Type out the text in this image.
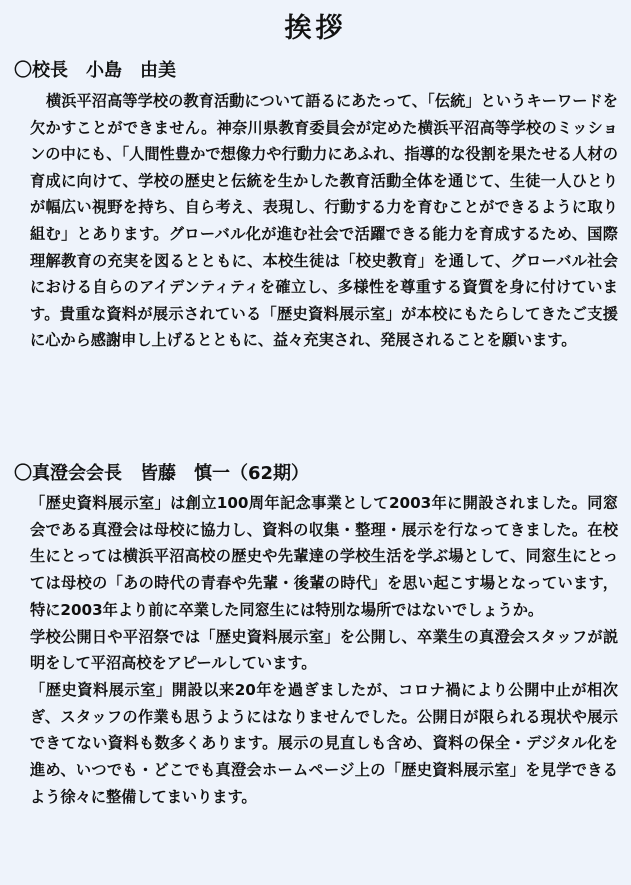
挨拶
〇校長　小島　由美

横浜平沼高等学校の教育活動について語るにあたって、「伝統」というキーワードを欠かすことができません。神奈川県教育委員会が定めた横浜平沼高等学校のミッションの中にも、「人間性豊かで想像力や行動力にあふれ、指導的な役割を果たせる人材の育成に向けて、学校の歴史と伝統を生かした教育活動全体を通じて、生徒一人ひとりが幅広い視野を持ち、自ら考え、表現し、行動する力を育むことができるように取り組む」とあります。グローバル化が進む社会で活躍できる能力を育成するため、国際理解教育の充実を図るとともに、本校生徒は「校史教育」を通して、グローバル社会における自らのアイデンティティを確立し、多様性を尊重する資質を身に付けています。貴重な資料が展示されている「歴史資料展示室」が本校にもたらしてきたご支援に心から感謝申し上げるとともに、益々充実され、発展されることを願います。

〇真澄会会長　皆藤　慎一（62期）

「歴史資料展示室」は創立100周年記念事業として2003年に開設されました。同窓会である真澄会は母校に協力し、資料の収集・整理・展示を行なってきました。在校生にとっては横浜平沼高校の歴史や先輩達の学校生活を学ぶ場として、同窓生にとっては母校の「あの時代の青春や先輩・後輩の時代」を思い起こす場となっています，特に2003年より前に卒業した同窓生には特別な場所ではないでしょうか。

学校公開日や平沼祭では「歴史資料展示室」を公開し、卒業生の真澄会スタッフが説明をして平沼高校をアピールしています。

「歴史資料展示室」開設以来20年を過ぎましたが、コロナ禍により公開中止が相次ぎ、スタッフの作業も思うようにはなりませんでした。公開日が限られる現状や展示できてない資料も数多くあります。展示の見直しも含め、資料の保全・デジタル化を進め、いつでも・どこでも真澄会ホームページ上の「歴史資料展示室」を見学できるよう徐々に整備してまいります。
